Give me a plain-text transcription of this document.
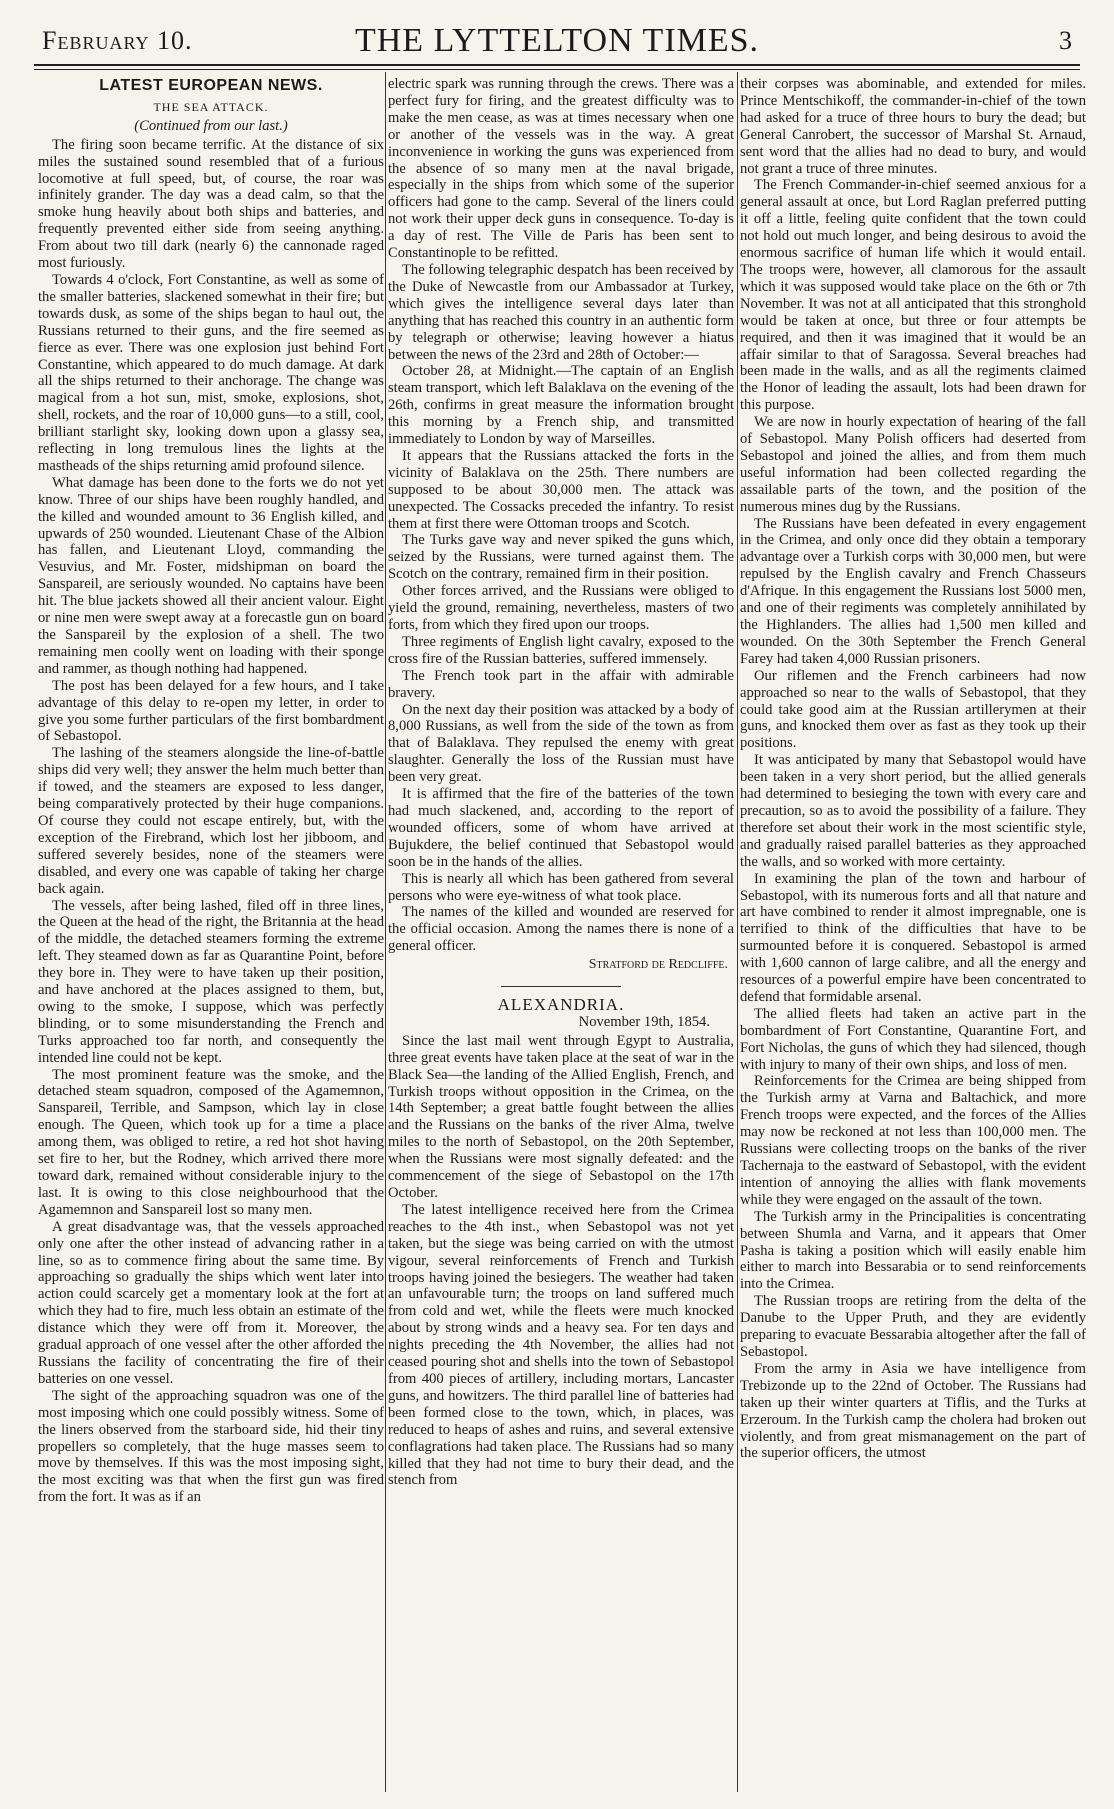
February 10.	THE LYTTELTON TIMES.	3
LATEST EUROPEAN NEWS.
THE SEA ATTACK.
(Continued from our last.)

The firing soon became terrific. At the distance of six miles the sustained sound resembled that of a furious locomotive at full speed, but, of course, the roar was infinitely grander. The day was a dead calm, so that the smoke hung heavily about both ships and batteries, and frequently prevented either side from seeing anything. From about two till dark (nearly 6) the cannonade raged most furiously.

Towards 4 o'clock, Fort Constantine, as well as some of the smaller batteries, slackened somewhat in their fire; but towards dusk, as some of the ships began to haul out, the Russians returned to their guns, and the fire seemed as fierce as ever. There was one explosion just behind Fort Constantine, which appeared to do much damage. At dark all the ships returned to their anchorage. The change was magical from a hot sun, mist, smoke, explosions, shot, shell, rockets, and the roar of 10,000 guns—to a still, cool, brilliant starlight sky, looking down upon a glassy sea, reflecting in long tremulous lines the lights at the mastheads of the ships returning amid profound silence.

What damage has been done to the forts we do not yet know. Three of our ships have been roughly handled, and the killed and wounded amount to 36 English killed, and upwards of 250 wounded. Lieutenant Chase of the Albion has fallen, and Lieutenant Lloyd, commanding the Vesuvius, and Mr. Foster, midshipman on board the Sanspareil, are seriously wounded. No captains have been hit. The blue jackets showed all their ancient valour. Eight or nine men were swept away at a forecastle gun on board the Sanspareil by the explosion of a shell. The two remaining men coolly went on loading with their sponge and rammer, as though nothing had happened.

The post has been delayed for a few hours, and I take advantage of this delay to re-open my letter, in order to give you some further particulars of the first bombardment of Sebastopol.

The lashing of the steamers alongside the line-of-battle ships did very well; they answer the helm much better than if towed, and the steamers are exposed to less danger, being comparatively protected by their huge companions. Of course they could not escape entirely, but, with the exception of the Firebrand, which lost her jibboom, and suffered severely besides, none of the steamers were disabled, and every one was capable of taking her charge back again.

The vessels, after being lashed, filed off in three lines, the Queen at the head of the right, the Britannia at the head of the middle, the detached steamers forming the extreme left. They steamed down as far as Quarantine Point, before they bore in. They were to have taken up their position, and have anchored at the places assigned to them, but, owing to the smoke, I suppose, which was perfectly blinding, or to some misunderstanding the French and Turks approached too far north, and consequently the intended line could not be kept.

The most prominent feature was the smoke, and the detached steam squadron, composed of the Agamemnon, Sanspareil, Terrible, and Sampson, which lay in close enough. The Queen, which took up for a time a place among them, was obliged to retire, a red hot shot having set fire to her, but the Rodney, which arrived there more toward dark, remained without considerable injury to the last. It is owing to this close neighbourhood that the Agamemnon and Sanspareil lost so many men.

A great disadvantage was, that the vessels approached only one after the other instead of advancing rather in a line, so as to commence firing about the same time. By approaching so gradually the ships which went later into action could scarcely get a momentary look at the fort at which they had to fire, much less obtain an estimate of the distance which they were off from it. Moreover, the gradual approach of one vessel after the other afforded the Russians the facility of concentrating the fire of their batteries on one vessel.

The sight of the approaching squadron was one of the most imposing which one could possibly witness. Some of the liners observed from the starboard side, hid their tiny propellers so completely, that the huge masses seem to move by themselves. If this was the most imposing sight, the most exciting was that when the first gun was fired from the fort. It was as if an

electric spark was running through the crews. There was a perfect fury for firing, and the greatest difficulty was to make the men cease, as was at times necessary when one or another of the vessels was in the way. A great inconvenience in working the guns was experienced from the absence of so many men at the naval brigade, especially in the ships from which some of the superior officers had gone to the camp. Several of the liners could not work their upper deck guns in consequence. To-day is a day of rest. The Ville de Paris has been sent to Constantinople to be refitted.

The following telegraphic despatch has been received by the Duke of Newcastle from our Ambassador at Turkey, which gives the intelligence several days later than anything that has reached this country in an authentic form by telegraph or otherwise; leaving however a hiatus between the news of the 23rd and 28th of October:—

October 28, at Midnight.—The captain of an English steam transport, which left Balaklava on the evening of the 26th, confirms in great measure the information brought this morning by a French ship, and transmitted immediately to London by way of Marseilles.

It appears that the Russians attacked the forts in the vicinity of Balaklava on the 25th. There numbers are supposed to be about 30,000 men. The attack was unexpected. The Cossacks preceded the infantry. To resist them at first there were Ottoman troops and Scotch.

The Turks gave way and never spiked the guns which, seized by the Russians, were turned against them. The Scotch on the contrary, remained firm in their position.

Other forces arrived, and the Russians were obliged to yield the ground, remaining, nevertheless, masters of two forts, from which they fired upon our troops.

Three regiments of English light cavalry, exposed to the cross fire of the Russian batteries, suffered immensely.

The French took part in the affair with admirable bravery.

On the next day their position was attacked by a body of 8,000 Russians, as well from the side of the town as from that of Balaklava. They repulsed the enemy with great slaughter. Generally the loss of the Russian must have been very great.

It is affirmed that the fire of the batteries of the town had much slackened, and, according to the report of wounded officers, some of whom have arrived at Bujukdere, the belief continued that Sebastopol would soon be in the hands of the allies.

This is nearly all which has been gathered from several persons who were eye-witness of what took place.

The names of the killed and wounded are reserved for the official occasion. Among the names there is none of a general officer.

Stratford de Redcliffe.
ALEXANDRIA.
November 19th, 1854.

Since the last mail went through Egypt to Australia, three great events have taken place at the seat of war in the Black Sea—the landing of the Allied English, French, and Turkish troops without opposition in the Crimea, on the 14th September; a great battle fought between the allies and the Russians on the banks of the river Alma, twelve miles to the north of Sebastopol, on the 20th September, when the Russians were most signally defeated: and the commencement of the siege of Sebastopol on the 17th October.

The latest intelligence received here from the Crimea reaches to the 4th inst., when Sebastopol was not yet taken, but the siege was being carried on with the utmost vigour, several reinforcements of French and Turkish troops having joined the besiegers. The weather had taken an unfavourable turn; the troops on land suffered much from cold and wet, while the fleets were much knocked about by strong winds and a heavy sea. For ten days and nights preceding the 4th November, the allies had not ceased pouring shot and shells into the town of Sebastopol from 400 pieces of artillery, including mortars, Lancaster guns, and howitzers. The third parallel line of batteries had been formed close to the town, which, in places, was reduced to heaps of ashes and ruins, and several extensive conflagrations had taken place. The Russians had so many killed that they had not time to bury their dead, and the stench from

their corpses was abominable, and extended for miles. Prince Mentschikoff, the commander-in-chief of the town had asked for a truce of three hours to bury the dead; but General Canrobert, the successor of Marshal St. Arnaud, sent word that the allies had no dead to bury, and would not grant a truce of three minutes.

The French Commander-in-chief seemed anxious for a general assault at once, but Lord Raglan preferred putting it off a little, feeling quite confident that the town could not hold out much longer, and being desirous to avoid the enormous sacrifice of human life which it would entail. The troops were, however, all clamorous for the assault which it was supposed would take place on the 6th or 7th November. It was not at all anticipated that this stronghold would be taken at once, but three or four attempts be required, and then it was imagined that it would be an affair similar to that of Saragossa. Several breaches had been made in the walls, and as all the regiments claimed the Honor of leading the assault, lots had been drawn for this purpose.

We are now in hourly expectation of hearing of the fall of Sebastopol. Many Polish officers had deserted from Sebastopol and joined the allies, and from them much useful information had been collected regarding the assailable parts of the town, and the position of the numerous mines dug by the Russians.

The Russians have been defeated in every engagement in the Crimea, and only once did they obtain a temporary advantage over a Turkish corps with 30,000 men, but were repulsed by the English cavalry and French Chasseurs d'Afrique. In this engagement the Russians lost 5000 men, and one of their regiments was completely annihilated by the Highlanders. The allies had 1,500 men killed and wounded. On the 30th September the French General Farey had taken 4,000 Russian prisoners.

Our riflemen and the French carbineers had now approached so near to the walls of Sebastopol, that they could take good aim at the Russian artillerymen at their guns, and knocked them over as fast as they took up their positions.

It was anticipated by many that Sebastopol would have been taken in a very short period, but the allied generals had determined to besieging the town with every care and precaution, so as to avoid the possibility of a failure. They therefore set about their work in the most scientific style, and gradually raised parallel batteries as they approached the walls, and so worked with more certainty.

In examining the plan of the town and harbour of Sebastopol, with its numerous forts and all that nature and art have combined to render it almost impregnable, one is terrified to think of the difficulties that have to be surmounted before it is conquered. Sebastopol is armed with 1,600 cannon of large calibre, and all the energy and resources of a powerful empire have been concentrated to defend that formidable arsenal.

The allied fleets had taken an active part in the bombardment of Fort Constantine, Quarantine Fort, and Fort Nicholas, the guns of which they had silenced, though with injury to many of their own ships, and loss of men.

Reinforcements for the Crimea are being shipped from the Turkish army at Varna and Baltachick, and more French troops were expected, and the forces of the Allies may now be reckoned at not less than 100,000 men. The Russians were collecting troops on the banks of the river Tachernaja to the eastward of Sebastopol, with the evident intention of annoying the allies with flank movements while they were engaged on the assault of the town.

The Turkish army in the Principalities is concentrating between Shumla and Varna, and it appears that Omer Pasha is taking a position which will easily enable him either to march into Bessarabia or to send reinforcements into the Crimea.

The Russian troops are retiring from the delta of the Danube to the Upper Pruth, and they are evidently preparing to evacuate Bessarabia altogether after the fall of Sebastopol.

From the army in Asia we have intelligence from Trebizonde up to the 22nd of October. The Russians had taken up their winter quarters at Tiflis, and the Turks at Erzeroum. In the Turkish camp the cholera had broken out violently, and from great mismanagement on the part of the superior officers, the utmost
